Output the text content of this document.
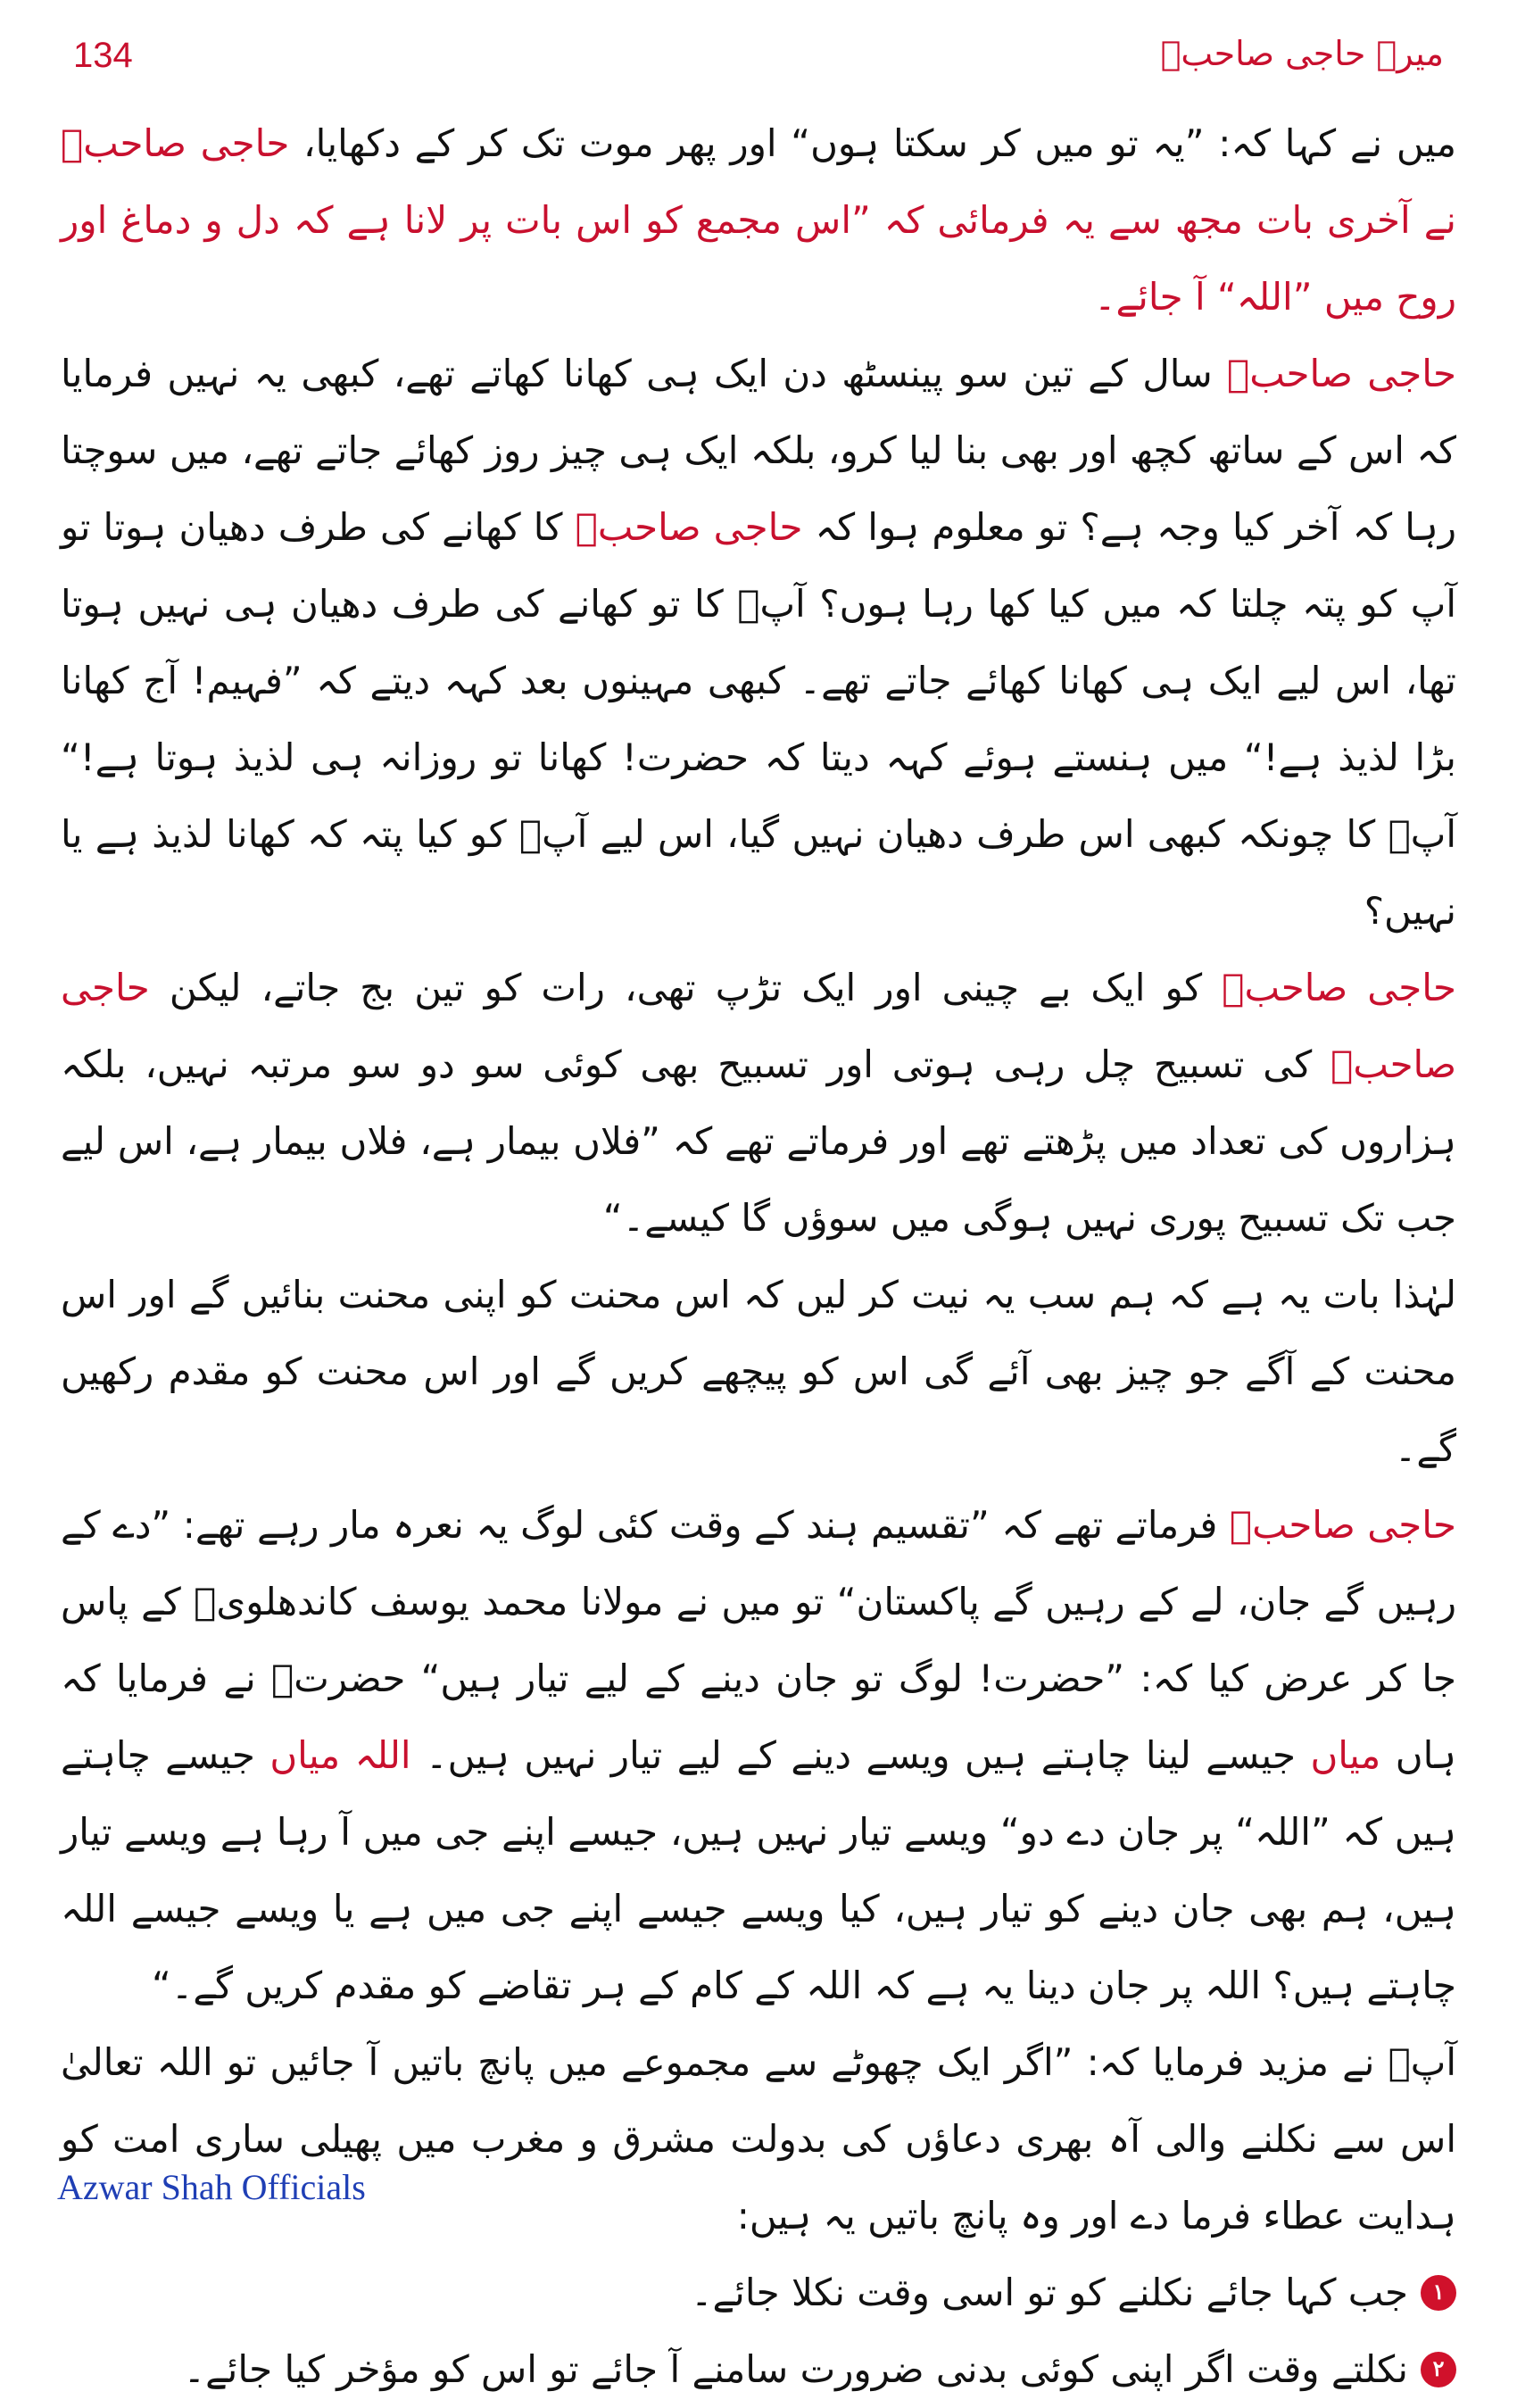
134	میرے حاجی صاحبؒ

میں نے کہا کہ: ”یہ تو میں کر سکتا ہوں“ اور پھر موت تک کر کے دکھایا، حاجی صاحبؒ نے آخری بات مجھ سے یہ فرمائی کہ ”اس مجمع کو اس بات پر لانا ہے کہ دل و دماغ اور روح میں ”اللہ“ آ جائے۔

حاجی صاحبؒ سال کے تین سو پینسٹھ دن ایک ہی کھانا کھاتے تھے، کبھی یہ نہیں فرمایا کہ اس کے ساتھ کچھ اور بھی بنا لیا کرو، بلکہ ایک ہی چیز روز کھائے جاتے تھے، میں سوچتا رہا کہ آخر کیا وجہ ہے؟ تو معلوم ہوا کہ حاجی صاحبؒ کا کھانے کی طرف دھیان ہوتا تو آپ کو پتہ چلتا کہ میں کیا کھا رہا ہوں؟ آپؒ کا تو کھانے کی طرف دھیان ہی نہیں ہوتا تھا، اس لیے ایک ہی کھانا کھائے جاتے تھے۔ کبھی مہینوں بعد کہہ دیتے کہ ”فہیم! آج کھانا بڑا لذیذ ہے!“ میں ہنستے ہوئے کہہ دیتا کہ حضرت! کھانا تو روزانہ ہی لذیذ ہوتا ہے!“ آپؒ کا چونکہ کبھی اس طرف دھیان نہیں گیا، اس لیے آپؒ کو کیا پتہ کہ کھانا لذیذ ہے یا نہیں؟

حاجی صاحبؒ کو ایک بے چینی اور ایک تڑپ تھی، رات کو تین بج جاتے، لیکن حاجی صاحبؒ کی تسبیح چل رہی ہوتی اور تسبیح بھی کوئی سو دو سو مرتبہ نہیں، بلکہ ہزاروں کی تعداد میں پڑھتے تھے اور فرماتے تھے کہ ”فلاں بیمار ہے، فلاں بیمار ہے، اس لیے جب تک تسبیح پوری نہیں ہوگی میں سوؤں گا کیسے۔“

لہٰذا بات یہ ہے کہ ہم سب یہ نیت کر لیں کہ اس محنت کو اپنی محنت بنائیں گے اور اس محنت کے آگے جو چیز بھی آئے گی اس کو پیچھے کریں گے اور اس محنت کو مقدم رکھیں گے۔

حاجی صاحبؒ فرماتے تھے کہ ”تقسیم ہند کے وقت کئی لوگ یہ نعرہ مار رہے تھے: ”دے کے رہیں گے جان، لے کے رہیں گے پاکستان“ تو میں نے مولانا محمد یوسف کاندھلویؒ کے پاس جا کر عرض کیا کہ: ”حضرت! لوگ تو جان دینے کے لیے تیار ہیں“ حضرتؒ نے فرمایا کہ ہاں میاں جیسے لینا چاہتے ہیں ویسے دینے کے لیے تیار نہیں ہیں۔ اللہ میاں جیسے چاہتے ہیں کہ ”اللہ“ پر جان دے دو“ ویسے تیار نہیں ہیں، جیسے اپنے جی میں آ رہا ہے ویسے تیار ہیں، ہم بھی جان دینے کو تیار ہیں، کیا ویسے جیسے اپنے جی میں ہے یا ویسے جیسے اللہ چاہتے ہیں؟ اللہ پر جان دینا یہ ہے کہ اللہ کے کام کے ہر تقاضے کو مقدم کریں گے۔“

آپؒ نے مزید فرمایا کہ: ”اگر ایک چھوٹے سے مجموعے میں پانچ باتیں آ جائیں تو اللہ تعالیٰ اس سے نکلنے والی آہ بھری دعاؤں کی بدولت مشرق و مغرب میں پھیلی ساری امت کو ہدایت عطاء فرما دے اور وہ پانچ باتیں یہ ہیں:

١
جب کہا جائے نکلنے کو تو اسی وقت نکلا جائے۔
٢
نکلتے وقت اگر اپنی کوئی بدنی ضرورت سامنے آ جائے تو اس کو مؤخر کیا جائے۔
Azwar Shah Officials
